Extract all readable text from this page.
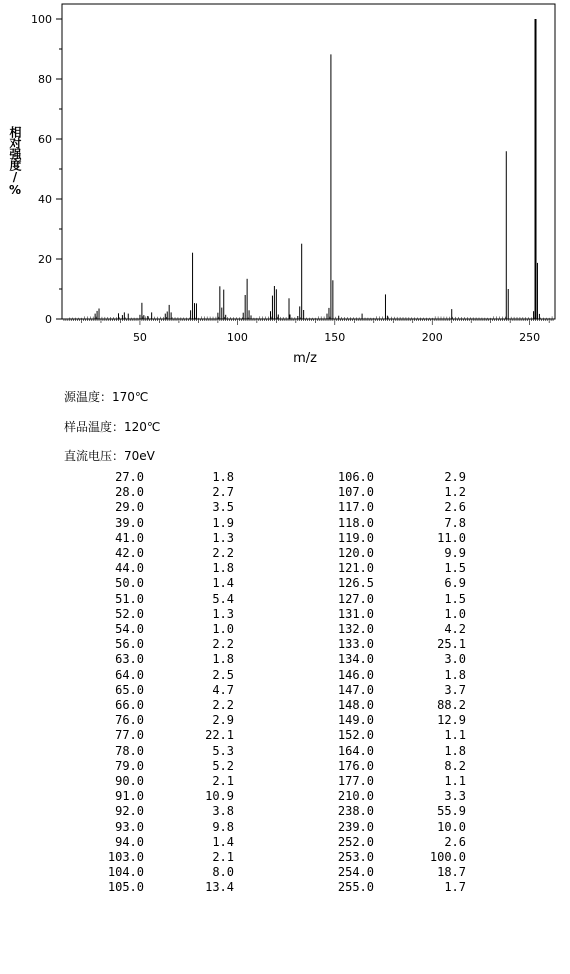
0
20
40
60
80
100
50	100	150	200	250
m/z
相对强度/%
源温度：170℃
样品温度：120℃
直流电压：70eV
27.0	1.8	106.0	2.9
28.0	2.7	107.0	1.2
29.0	3.5	117.0	2.6
39.0	1.9	118.0	7.8
41.0	1.3	119.0	11.0
42.0	2.2	120.0	9.9
44.0	1.8	121.0	1.5
50.0	1.4	126.5	6.9
51.0	5.4	127.0	1.5
52.0	1.3	131.0	1.0
54.0	1.0	132.0	4.2
56.0	2.2	133.0	25.1
63.0	1.8	134.0	3.0
64.0	2.5	146.0	1.8
65.0	4.7	147.0	3.7
66.0	2.2	148.0	88.2
76.0	2.9	149.0	12.9
77.0	22.1	152.0	1.1
78.0	5.3	164.0	1.8
79.0	5.2	176.0	8.2
90.0	2.1	177.0	1.1
91.0	10.9	210.0	3.3
92.0	3.8	238.0	55.9
93.0	9.8	239.0	10.0
94.0	1.4	252.0	2.6
103.0	2.1	253.0	100.0
104.0	8.0	254.0	18.7
105.0	13.4	255.0	1.7
